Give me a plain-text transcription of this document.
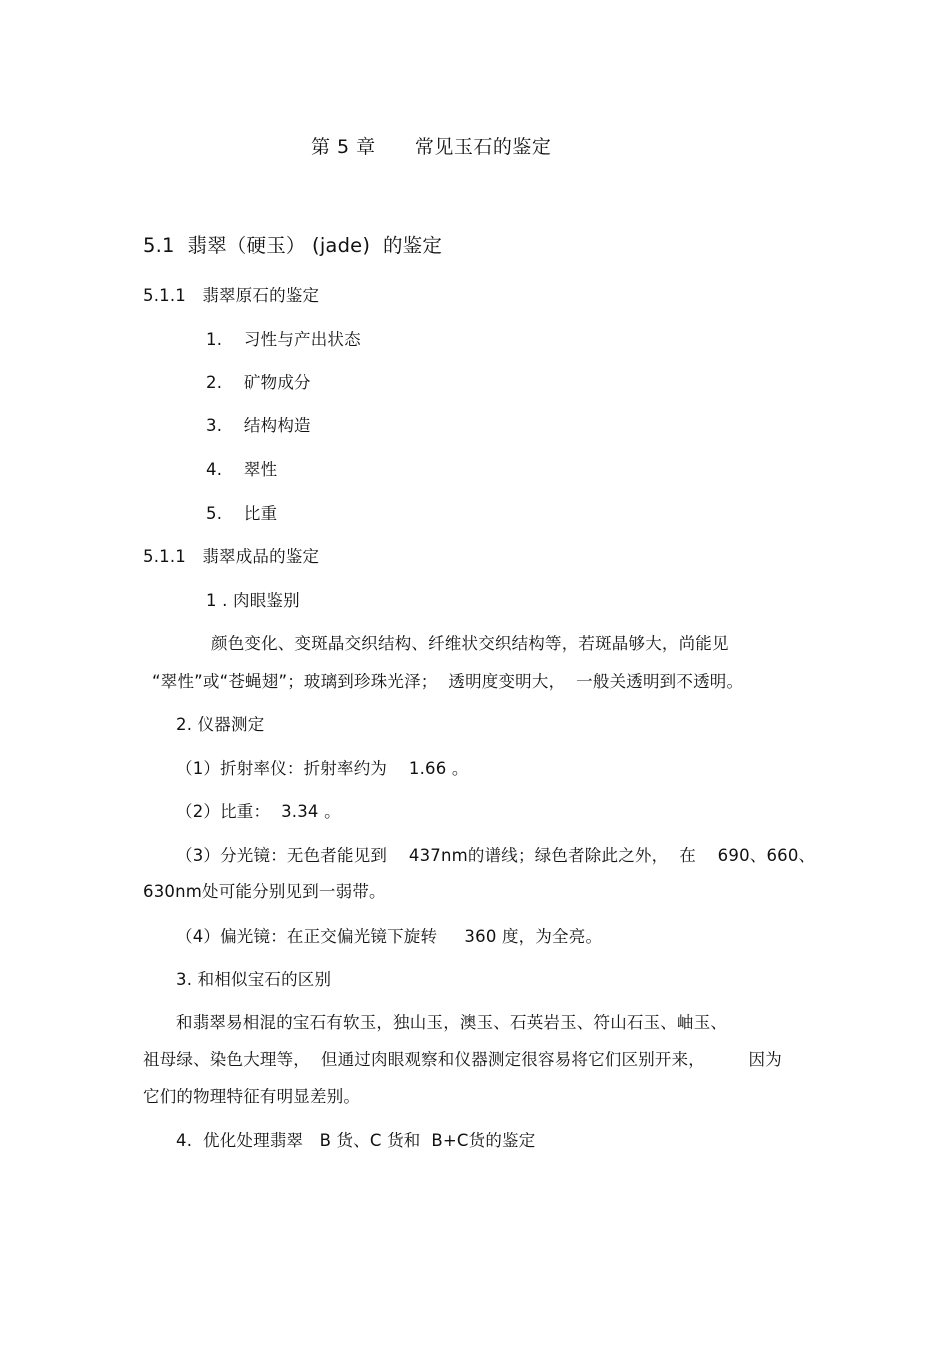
第 5 章      常见玉石的鉴定
5.1  翡翠（硬玉） (jade)  的鉴定
5.1.1   翡翠原石的鉴定
1.    习性与产出状态
2.    矿物成分
3.    结构构造
4.    翠性
5.    比重
5.1.1   翡翠成品的鉴定
1 . 肉眼鉴别
颜色变化、变斑晶交织结构、纤维状交织结构等，若斑晶够大，尚能见
“翠性”或“苍蝇翅”；玻璃到珍珠光泽；  透明度变明大，  一般关透明到不透明。
2. 仪器测定
（1）折射率仪：折射率约为    1.66 。
（2）比重：  3.34 。
（3）分光镜：无色者能见到    437nm的谱线；绿色者除此之外，  在    690、660、
630nm处可能分别见到一弱带。
（4）偏光镜：在正交偏光镜下旋转     360 度，为全亮。
3. 和相似宝石的区别
和翡翠易相混的宝石有软玉，独山玉，澳玉、石英岩玉、符山石玉、岫玉、
祖母绿、染色大理等，  但通过肉眼观察和仪器测定很容易将它们区别开来，        因为
它们的物理特征有明显差别。
4.  优化处理翡翠   B 货、C 货和  B+C货的鉴定
